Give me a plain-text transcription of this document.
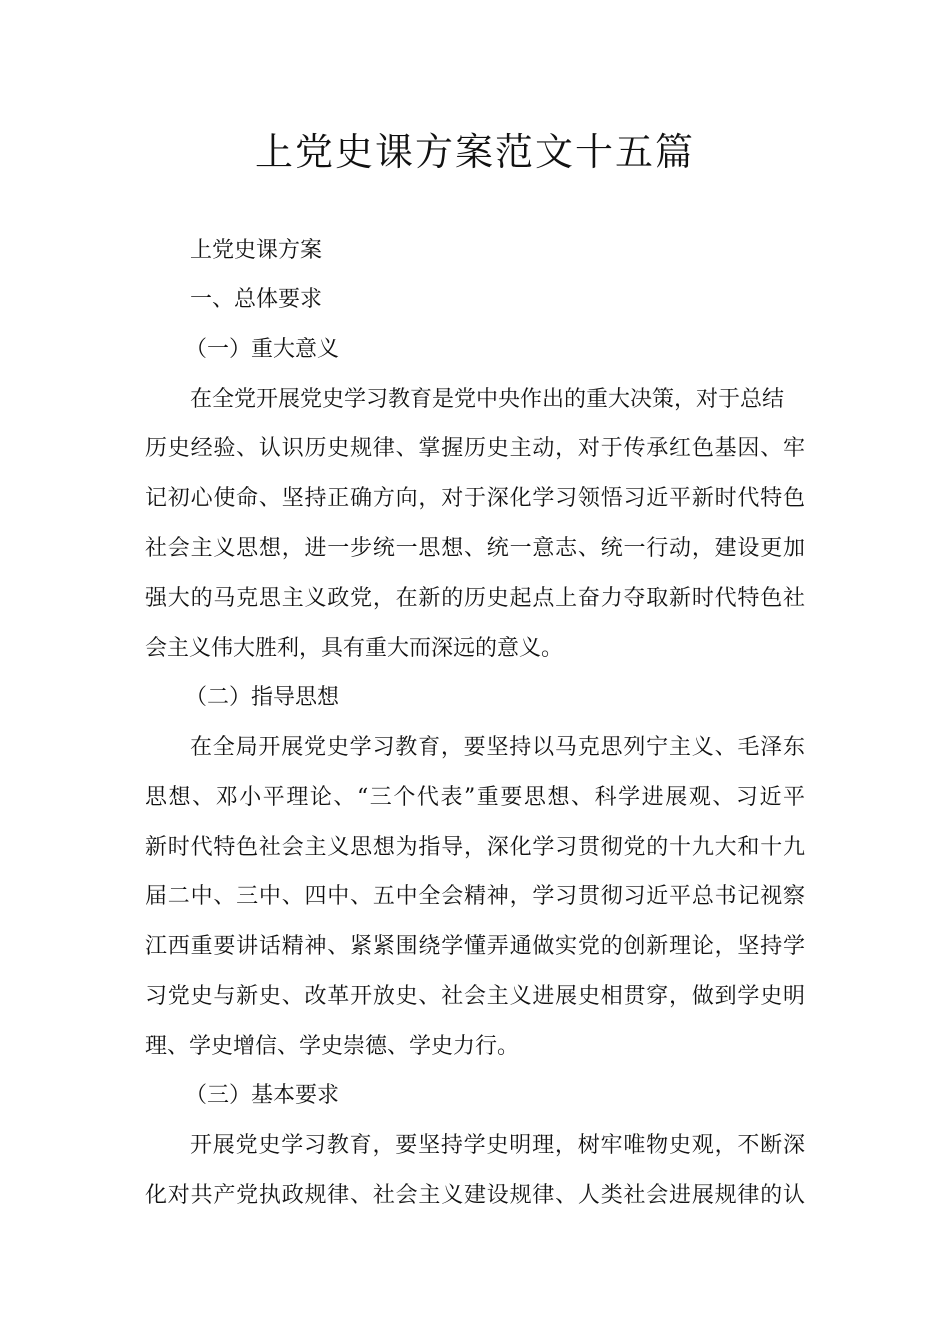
上党史课方案范文十五篇

上党史课方案

一、总体要求

（一）重大意义

在全党开展党史学习教育是党中央作出的重大决策，对于总结

历史经验、认识历史规律、掌握历史主动，对于传承红色基因、牢

记初心使命、坚持正确方向，对于深化学习领悟习近平新时代特色

社会主义思想，进一步统一思想、统一意志、统一行动，建设更加

强大的马克思主义政党，在新的历史起点上奋力夺取新时代特色社

会主义伟大胜利，具有重大而深远的意义。

（二）指导思想

在全局开展党史学习教育，要坚持以马克思列宁主义、毛泽东

思想、邓小平理论、“三个代表”重要思想、科学进展观、习近平

新时代特色社会主义思想为指导，深化学习贯彻党的十九大和十九

届二中、三中、四中、五中全会精神，学习贯彻习近平总书记视察

江西重要讲话精神、紧紧围绕学懂弄通做实党的创新理论，坚持学

习党史与新史、改革开放史、社会主义进展史相贯穿，做到学史明

理、学史增信、学史崇德、学史力行。

（三）基本要求

开展党史学习教育，要坚持学史明理，树牢唯物史观，不断深

化对共产党执政规律、社会主义建设规律、人类社会进展规律的认
